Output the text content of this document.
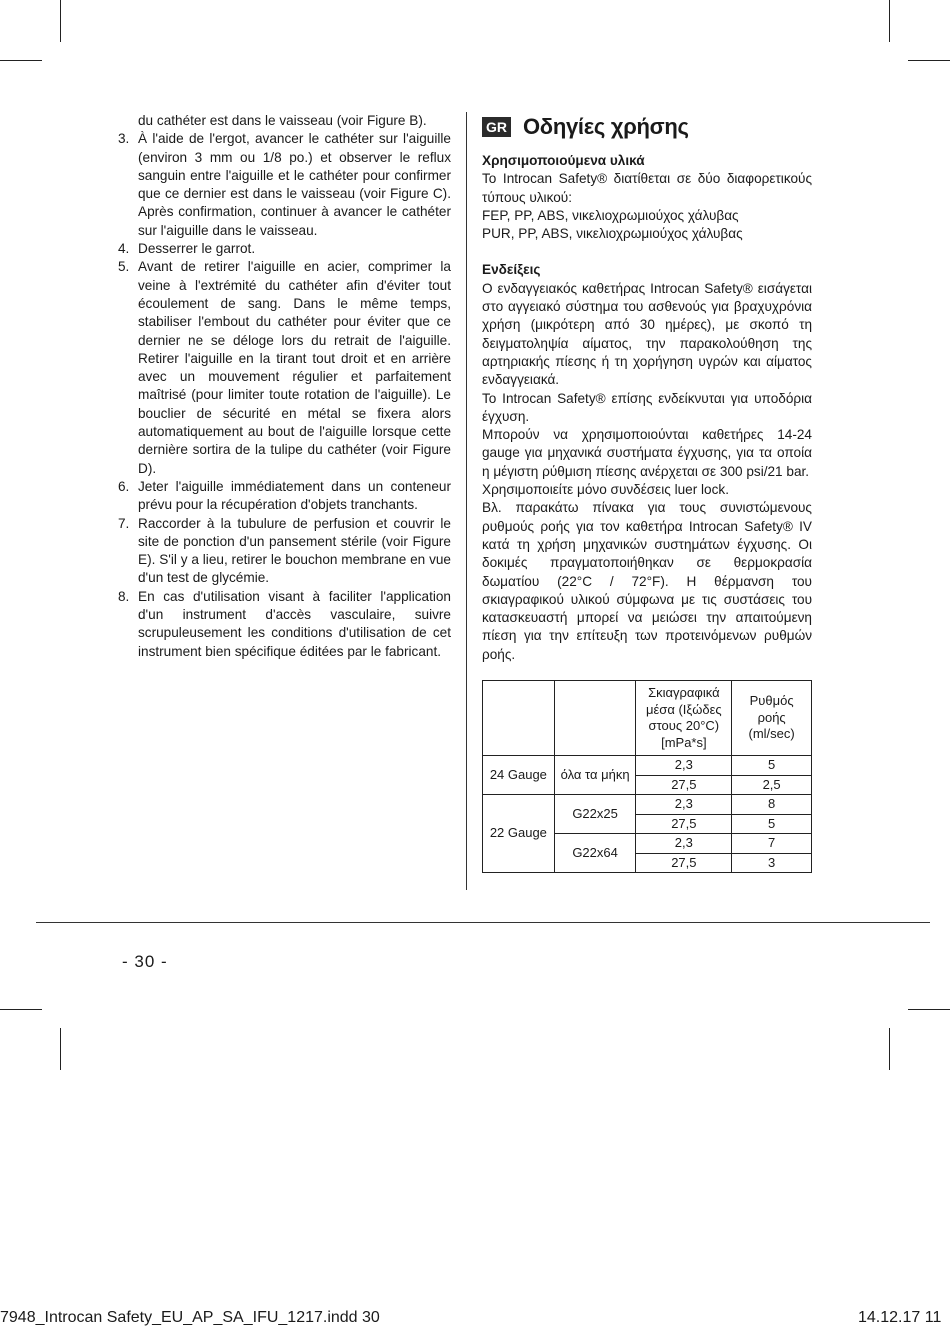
du cathéter est dans le vaisseau (voir Figure B).

3. À l'aide de l'ergot, avancer le cathéter sur l'aiguille (environ 3 mm ou 1/8 po.) et observer le reflux sanguin entre l'aiguille et le cathéter pour confirmer que ce dernier est dans le vaisseau (voir Figure C). Après confirmation, continuer à avancer le cathéter sur l'aiguille dans le vaisseau.
4. Desserrer le garrot.
5. Avant de retirer l'aiguille en acier, comprimer la veine à l'extrémité du cathéter afin d'éviter tout écoulement de sang. Dans le même temps, stabiliser l'embout du cathéter pour éviter que ce dernier ne se déloge lors du retrait de l'aiguille. Retirer l'aiguille en la tirant tout droit et en arrière avec un mouvement régulier et parfaitement maîtrisé (pour limiter toute rotation de l'aiguille). Le bouclier de sécurité en métal se fixera alors automatiquement au bout de l'aiguille lorsque cette dernière sortira de la tulipe du cathéter (voir Figure D).
6. Jeter l'aiguille immédiatement dans un conteneur prévu pour la récupération d'objets tranchants.
7. Raccorder à la tubulure de perfusion et couvrir le site de ponction d'un pansement stérile (voir Figure E). S'il y a lieu, retirer le bouchon membrane en vue d'un test de glycémie.
8. En cas d'utilisation visant à faciliter l'application d'un instrument d'accès vasculaire, suivre scrupuleusement les conditions d'utilisation de cet instrument bien spécifique éditées par le fabricant.
GR Οδηγίες χρήσης

Χρησιμοποιούμενα υλικά

Το Introcan Safety® διατίθεται σε δύο διαφορετικούς τύπους υλικού:

FEP, PP, ABS, νικελιοχρωμιούχος χάλυβας

PUR, PP, ABS, νικελιοχρωμιούχος χάλυβας

Ενδείξεις

Ο ενδαγγειακός καθετήρας Introcan Safety® εισάγεται στο αγγειακό σύστημα του ασθενούς για βραχυχρόνια χρήση (μικρότερη από 30 ημέρες), με σκοπό τη δειγματοληψία αίματος, την παρακολούθηση της αρτηριακής πίεσης ή τη χορήγηση υγρών και αίματος ενδαγγειακά.

Το Introcan Safety® επίσης ενδείκνυται για υποδόρια έγχυση.

Μπορούν να χρησιμοποιούνται καθετήρες 14-24 gauge για μηχανικά συστήματα έγχυσης, για τα οποία η μέγιστη ρύθμιση πίεσης ανέρχεται σε 300 psi/21 bar.

Χρησιμοποιείτε μόνο συνδέσεις luer lock.

Βλ. παρακάτω πίνακα για τους συνιστώμενους ρυθμούς ροής για τον καθετήρα Introcan Safety® IV κατά τη χρήση μηχανικών συστημάτων έγχυσης. Οι δοκιμές πραγματοποιήθηκαν σε θερμοκρασία δωματίου (22°C / 72°F). Η θέρμανση του σκιαγραφικού υλικού σύμφωνα με τις συστάσεις του κατασκευαστή μπορεί να μειώσει την απαιτούμενη πίεση για την επίτευξη των προτεινόμενων ρυθμών ροής.

		Σκιαγραφικά μέσα (Ιξώδες στους 20°C) [mPa*s]	Ρυθμός ροής (ml/sec)
24 Gauge	όλα τα μήκη	2,3	5
		27,5	2,5
22 Gauge	G22x25	2,3	8
		27,5	5
	G22x64	2,3	7
		27,5	3
- 30 -
7948_Introcan Safety_EU_AP_SA_IFU_1217.indd 30	14.12.17 11
